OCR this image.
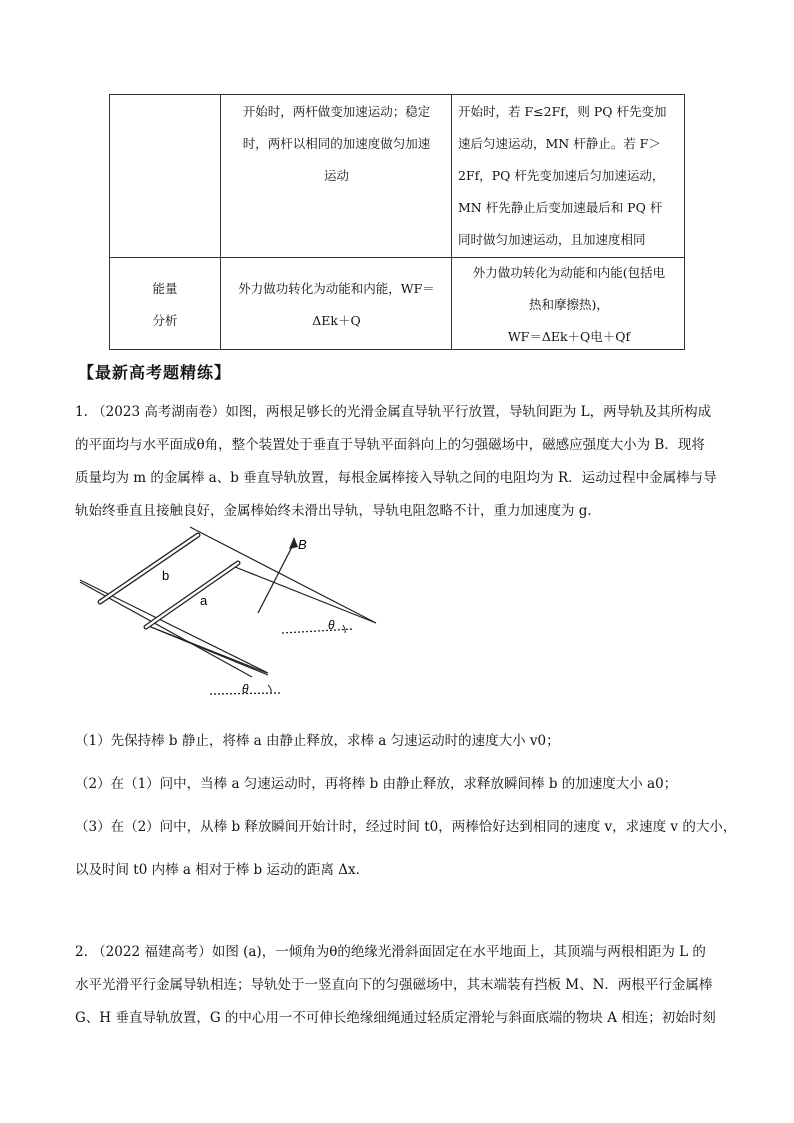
开始时，两杆做变加速运动；稳定
时，两杆以相同的加速度做匀加速
运动
开始时，若 F≤2Ff，则 PQ 杆先变加
速后匀速运动，MN 杆静止。若 F＞
2Ff，PQ 杆先变加速后匀加速运动，
MN 杆先静止后变加速最后和 PQ 杆
同时做匀加速运动，且加速度相同
能量
分析
外力做功转化为动能和内能，WF＝
ΔEk＋Q
外力做功转化为动能和内能(包括电
热和摩擦热)，
WF＝ΔEk＋Q电＋Qf
【最新高考题精练】
1. （2023 高考湖南卷）如图，两根足够长的光滑金属直导轨平行放置，导轨间距为 L，两导轨及其所构成
的平面均与水平面成θ角，整个装置处于垂直于导轨平面斜向上的匀强磁场中，磁感应强度大小为 B．现将
质量均为 m 的金属棒 a、b 垂直导轨放置，每根金属棒接入导轨之间的电阻均为 R．运动过程中金属棒与导
轨始终垂直且接触良好，金属棒始终未滑出导轨，导轨电阻忽略不计，重力加速度为 g．
b
a
B
θ
θ
（1）先保持棒 b 静止，将棒 a 由静止释放，求棒 a 匀速运动时的速度大小 v0；
（2）在（1）问中，当棒 a 匀速运动时，再将棒 b 由静止释放，求释放瞬间棒 b 的加速度大小 a0；
（3）在（2）问中，从棒 b 释放瞬间开始计时，经过时间 t0，两棒恰好达到相同的速度 v，求速度 v 的大小，
以及时间 t0 内棒 a 相对于棒 b 运动的距离 Δx．
2. （2022 福建高考）如图 (a)，一倾角为θ的绝缘光滑斜面固定在水平地面上，其顶端与两根相距为 L 的
水平光滑平行金属导轨相连；导轨处于一竖直向下的匀强磁场中，其末端装有挡板 M、N．两根平行金属棒
G、H 垂直导轨放置，G 的中心用一不可伸长绝缘细绳通过轻质定滑轮与斜面底端的物块 A 相连；初始时刻
